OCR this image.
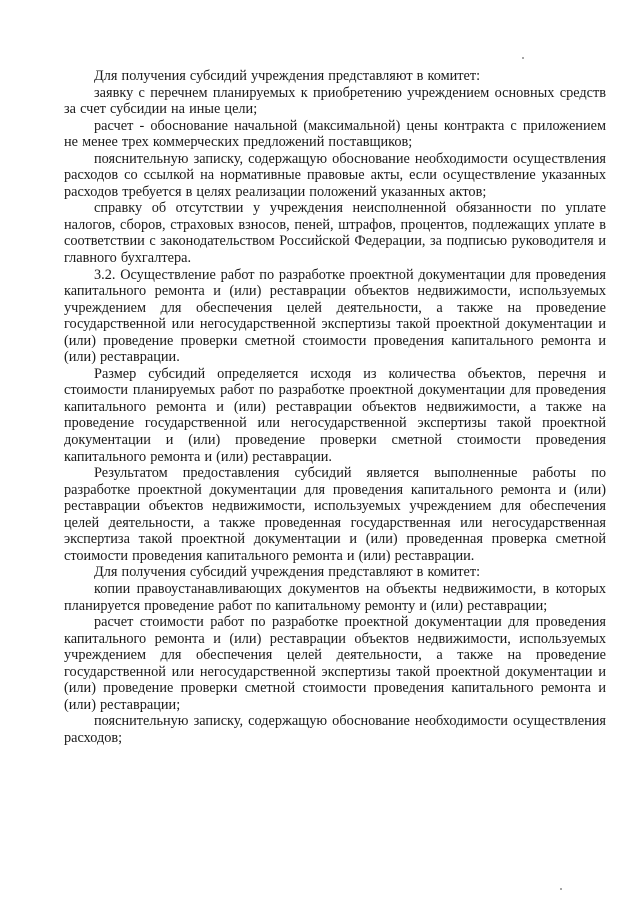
Для получения субсидий учреждения представляют в комитет:

заявку с перечнем планируемых к приобретению учреждением основных средств за счет субсидии на иные цели;

расчет - обоснование начальной (максимальной) цены контракта с приложением не менее трех коммерческих предложений поставщиков;

пояснительную записку, содержащую обоснование необходимости осуществления расходов со ссылкой на нормативные правовые акты, если осуществление указанных расходов требуется в целях реализации положений указанных актов;

справку об отсутствии у учреждения неисполненной обязанности по уплате налогов, сборов, страховых взносов, пеней, штрафов, процентов, подлежащих уплате в соответствии с законодательством Российской Федерации, за подписью руководителя и главного бухгалтера.

3.2. Осуществление работ по разработке проектной документации для проведения капитального ремонта и (или) реставрации объектов недвижимости, используемых учреждением для обеспечения целей деятельности, а также на проведение государственной или негосударственной экспертизы такой проектной документации и (или) проведение проверки сметной стоимости проведения капитального ремонта и (или) реставрации.

Размер субсидий определяется исходя из количества объектов, перечня и стоимости планируемых работ по разработке проектной документации для проведения капитального ремонта и (или) реставрации объектов недвижимости, а также на проведение государственной или негосударственной экспертизы такой проектной документации и (или) проведение проверки сметной стоимости проведения капитального ремонта и (или) реставрации.

Результатом предоставления субсидий является выполненные работы по разработке проектной документации для проведения капитального ремонта и (или) реставрации объектов недвижимости, используемых учреждением для обеспечения целей деятельности, а также проведенная государственная или негосударственная экспертиза такой проектной документации и (или) проведенная проверка сметной стоимости проведения капитального ремонта и (или) реставрации.

Для получения субсидий учреждения представляют в комитет:

копии правоустанавливающих документов на объекты недвижимости, в которых планируется проведение работ по капитальному ремонту и (или) реставрации;

расчет стоимости работ по разработке проектной документации для проведения капитального ремонта и (или) реставрации объектов недвижимости, используемых учреждением для обеспечения целей деятельности, а также на проведение государственной или негосударственной экспертизы такой проектной документации и (или) проведение проверки сметной стоимости проведения капитального ремонта и (или) реставрации;

пояснительную записку, содержащую обоснование необходимости осуществления расходов;
